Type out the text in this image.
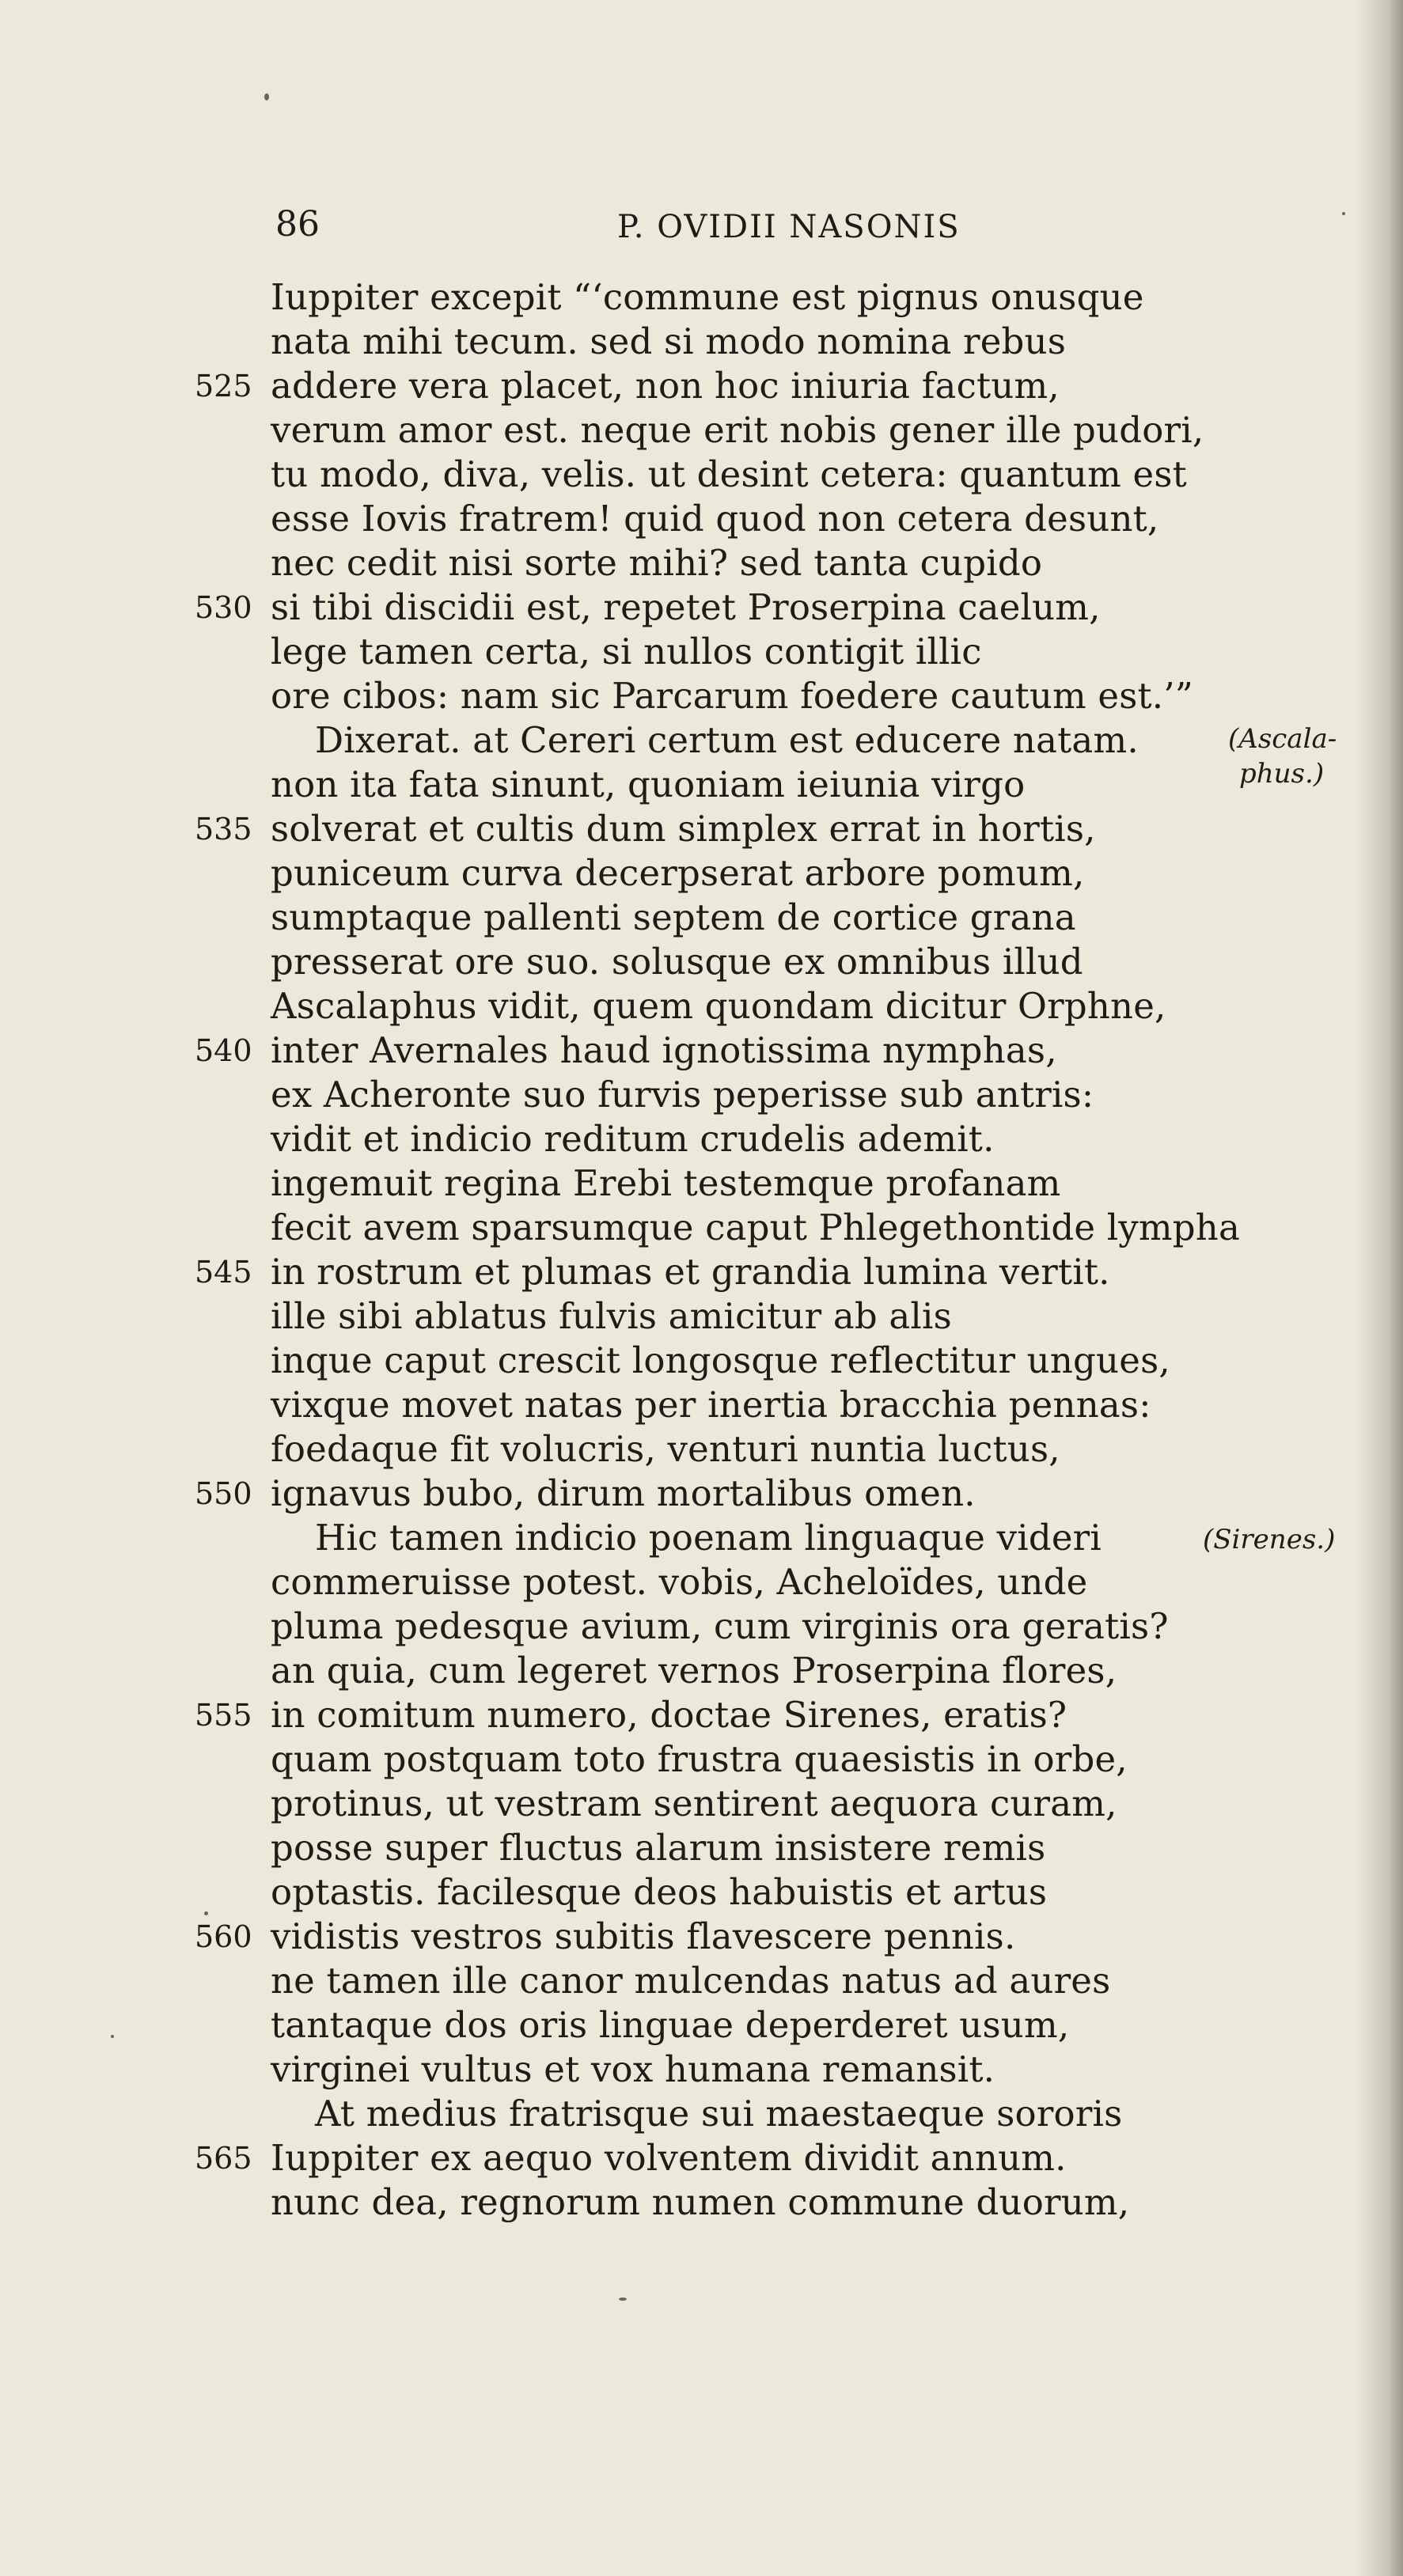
86	P. OVIDII NASONIS
Iuppiter excepit “‘commune est pignus onusque
nata mihi tecum. sed si modo nomina rebus
525 addere vera placet, non hoc iniuria factum,
verum amor est. neque erit nobis gener ille pudori,
tu modo, diva, velis. ut desint cetera: quantum est
esse Iovis fratrem! quid quod non cetera desunt,
nec cedit nisi sorte mihi? sed tanta cupido
530 si tibi discidii est, repetet Proserpina caelum,
lege tamen certa, si nullos contigit illic
ore cibos: nam sic Parcarum foedere cautum est.’”
Dixerat. at Cereri certum est educere natam.	(Ascala-
non ita fata sinunt, quoniam ieiunia virgo	phus.)
535 solverat et cultis dum simplex errat in hortis,
puniceum curva decerpserat arbore pomum,
sumptaque pallenti septem de cortice grana
presserat ore suo. solusque ex omnibus illud
Ascalaphus vidit, quem quondam dicitur Orphne,
540 inter Avernales haud ignotissima nymphas,
ex Acheronte suo furvis peperisse sub antris:
vidit et indicio reditum crudelis ademit.
ingemuit regina Erebi testemque profanam
fecit avem sparsumque caput Phlegethontide lympha
545 in rostrum et plumas et grandia lumina vertit.
ille sibi ablatus fulvis amicitur ab alis
inque caput crescit longosque reflectitur ungues,
vixque movet natas per inertia bracchia pennas:
foedaque fit volucris, venturi nuntia luctus,
550 ignavus bubo, dirum mortalibus omen.
Hic tamen indicio poenam linguaque videri	(Sirenes.)
commeruisse potest. vobis, Acheloïdes, unde
pluma pedesque avium, cum virginis ora geratis?
an quia, cum legeret vernos Proserpina flores,
555 in comitum numero, doctae Sirenes, eratis?
quam postquam toto frustra quaesistis in orbe,
protinus, ut vestram sentirent aequora curam,
posse super fluctus alarum insistere remis
optastis. facilesque deos habuistis et artus
560 vidistis vestros subitis flavescere pennis.
ne tamen ille canor mulcendas natus ad aures
tantaque dos oris linguae deperderet usum,
virginei vultus et vox humana remansit.
At medius fratrisque sui maestaeque sororis
565 Iuppiter ex aequo volventem dividit annum.
nunc dea, regnorum numen commune duorum,
